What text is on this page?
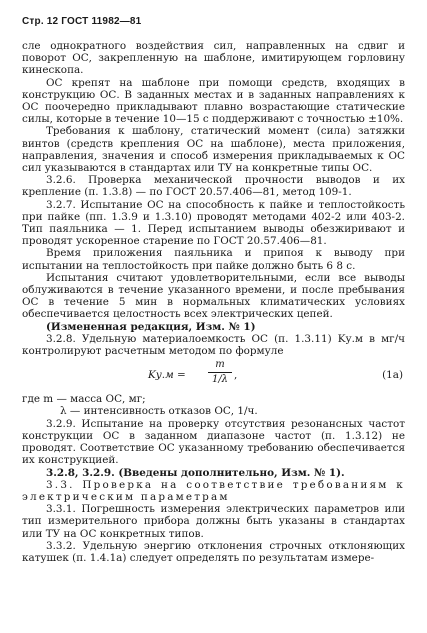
Стр. 12 ГОСТ 11982—81

сле однократного воздействия сил, направленных на сдвиг и поворот ОС, закрепленную на шаблоне, имитирующем горловину кинескопа.

ОС крепят на шаблоне при помощи средств, входящих в конструкцию ОС. В заданных местах и в заданных направлениях к ОС поочередно прикладывают плавно возрастающие статические силы, которые в течение 10—15 с поддерживают с точностью ±10%.

Требования к шаблону, статический момент (сила) затяжки винтов (средств крепления ОС на шаблоне), места приложения, направления, значения и способ измерения прикладываемых к ОС сил указываются в стандартах или ТУ на конкретные типы ОС.

3.2.6. Проверка механической прочности выводов и их крепление (п. 1.3.8) — по ГОСТ 20.57.406—81, метод 109-1.

3.2.7. Испытание ОС на способность к пайке и теплостойкость при пайке (пп. 1.3.9 и 1.3.10) проводят методами 402-2 или 403-2. Тип паяльника — 1. Перед испытанием выводы обезжиривают и проводят ускоренное старение по ГОСТ 20.57.406—81.

Время приложения паяльника и припоя к выводу при испытании на теплостойкость при пайке должно быть 6 8 с.

Испытания считают удовлетворительными, если все выводы облуживаются в течение указанного времени, и после пребывания ОС в течение 5 мин в нормальных климатических условиях обеспечивается целостность всех электрических цепей.

(Измененная редакция, Изм. № 1)

3.2.8. Удельную материалоемкость ОС (п. 1.3.11) Kу.м в мг/ч контролируют расчетным методом по формуле

$Kу.м = \frac{m}{1/\lambda}$ ,	(1a)

где m — масса ОС, мг;

λ — интенсивность отказов ОС, 1/ч.

3.2.9. Испытание на проверку отсутствия резонансных частот конструкции ОС в заданном диапазоне частот (п. 1.3.12) не проводят. Соответствие ОС указанному требованию обеспечивается их конструкцией.

3.2.8, 3.2.9. (Введены дополнительно, Изм. № 1).

3.3. Проверка на соответствие требованиям к электрическим параметрам

3.3.1. Погрешность измерения электрических параметров или тип измерительного прибора должны быть указаны в стандартах или ТУ на ОС конкретных типов.

3.3.2. Удельную энергию отклонения строчных отклоняющих катушек (п. 1.4.1а) следует определять по результатам измере-
